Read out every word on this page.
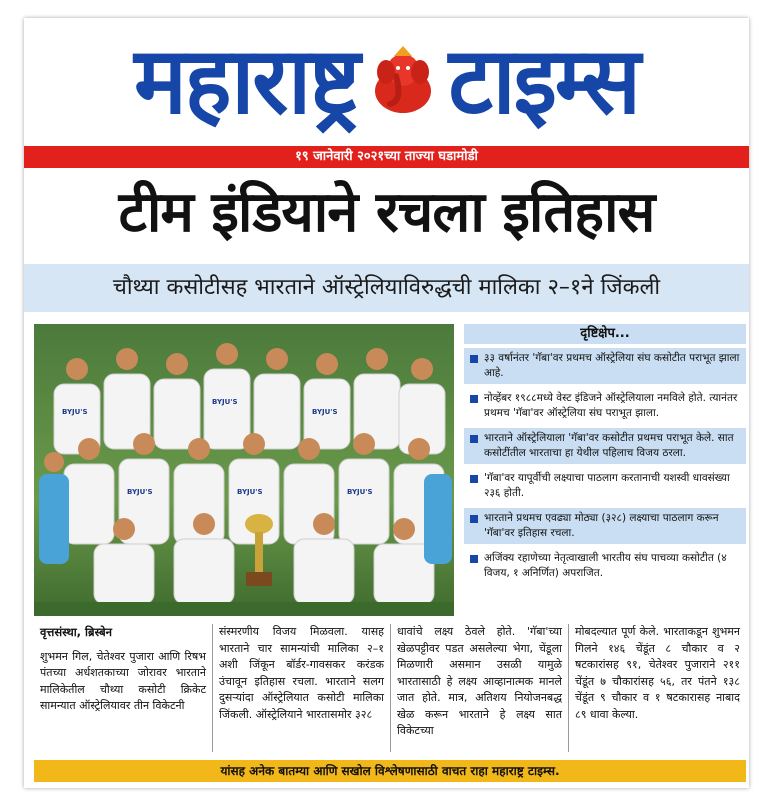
महाराष्ट्र टाइम्स
१९ जानेवारी २०२१च्या ताज्या घडामोडी
टीम इंडियाने रचला इतिहास
चौथ्या कसोटीसह भारताने ऑस्ट्रेलियाविरुद्धची मालिका २–१ने जिंकली
BYJU'S
BYJU'S
BYJU'S
BYJU'S	BYJU'S	BYJU'S
दृष्टिक्षेप...
३३ वर्षानंतर 'गॅबा'वर प्रथमच ऑस्ट्रेलिया संघ कसोटीत पराभूत झाला आहे.
नोव्हेंबर १९८८मध्ये वेस्ट इंडिजने ऑस्ट्रेलियाला नमविले होते. त्यानंतर प्रथमच 'गॅबा'वर ऑस्ट्रेलिया संघ पराभूत झाला.
भारताने ऑस्ट्रेलियाला 'गॅबा'वर कसोटीत प्रथमच पराभूत केले. सात कसोटींतील भारताचा हा येथील पहिलाच विजय ठरला.
'गॅबा'वर यापूर्वीची लक्ष्याचा पाठलाग करतानाची यशस्वी धावसंख्या २३६ होती.
भारताने प्रथमच एवढ्या मोठ्या (३२८) लक्ष्याचा पाठलाग करून 'गॅबा'वर इतिहास रचला.
अजिंक्य रहाणेच्या नेतृत्वाखाली भारतीय संघ पाचव्या कसोटीत (४ विजय, १ अनिर्णित) अपराजित.
वृत्तसंस्था, ब्रिस्बेन
शुभमन गिल, चेतेश्वर पुजारा आणि रिषभ पंतच्या अर्धशतकाच्या जोरावर भारताने मालिकेतील चौथ्या कसोटी क्रिकेट सामन्यात ऑस्ट्रेलियावर तीन विकेटनी
संस्मरणीय विजय मिळवला. यासह भारताने चार सामन्यांची मालिका २–१ अशी जिंकून बॉर्डर-गावसकर करंडक उंचावून इतिहास रचला. भारताने सलग दुसऱ्यांदा ऑस्ट्रेलियात कसोटी मालिका जिंकली. ऑस्ट्रेलियाने भारतासमोर ३२८
धावांचे लक्ष्य ठेवले होते. 'गॅबा'च्या खेळपट्टीवर पडत असलेल्या भेगा, चेंडूला मिळणारी असमान उसळी यामुळे भारतासाठी हे लक्ष्य आव्हानात्मक मानले जात होते. मात्र, अतिशय नियोजनबद्ध खेळ करून भारताने हे लक्ष्य सात विकेटच्या
मोबदल्यात पूर्ण केले. भारताकडून शुभमन गिलने १४६ चेंडूंत ८ चौकार व २ षटकारांसह ९१, चेतेश्वर पुजाराने २११ चेंडूंत ७ चौकारांसह ५६, तर पंतने १३८ चेंडूंत ९ चौकार व १ षटकारासह नाबाद ८९ धावा केल्या.
यांसह अनेक बातम्या आणि सखोल विश्लेषणासाठी वाचत राहा महाराष्ट्र टाइम्स.
